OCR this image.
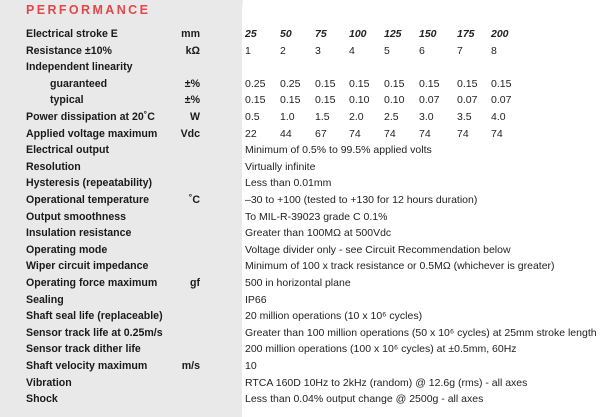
PERFORMANCE
Electrical stroke E	mm	25 50 75 100 125 150 175 200
Resistance ±10%	kΩ	1	2	3	4	5	6	7	8
Independent linearity
guaranteed	±%	0.25 0.25 0.15 0.15 0.15 0.15 0.15 0.15
typical	±%	0.15 0.15 0.15 0.10 0.10 0.07 0.07 0.07
Power dissipation at 20˚C	W	0.5 1.0 1.5 2.0 2.5 3.0 3.5 4.0
Applied voltage maximum	Vdc	22 44 67 74 74 74	74 74
Electrical output	Minimum of 0.5% to 99.5% applied volts
Resolution	Virtually infinite
Hysteresis (repeatability)	Less than 0.01mm
Operational temperature	˚C	–30 to +100 (tested to +130 for 12 hours duration)
Output smoothness	To MIL-R-39023 grade C 0.1%
Insulation resistance	Greater than 100MΩ at 500Vdc
Operating mode	Voltage divider only - see Circuit Recommendation below
Wiper circuit impedance	Minimum of 100 x track resistance or 0.5MΩ (whichever is greater)
Operating force maximum	gf	500 in horizontal plane
Sealing	IP66
Shaft seal life (replaceable)	20 million operations (10 x 10⁶ cycles)
Sensor track life at 0.25m/s	Greater than 100 million operations (50 x 10⁶ cycles) at 25mm stroke length
Sensor track dither life	200 million operations (100 x 10⁶ cycles) at ±0.5mm, 60Hz
Shaft velocity maximum	m/s	10
Vibration	RTCA 160D 10Hz to 2kHz (random) @ 12.6g (rms) - all axes
Shock	Less than 0.04% output change @ 2500g - all axes
